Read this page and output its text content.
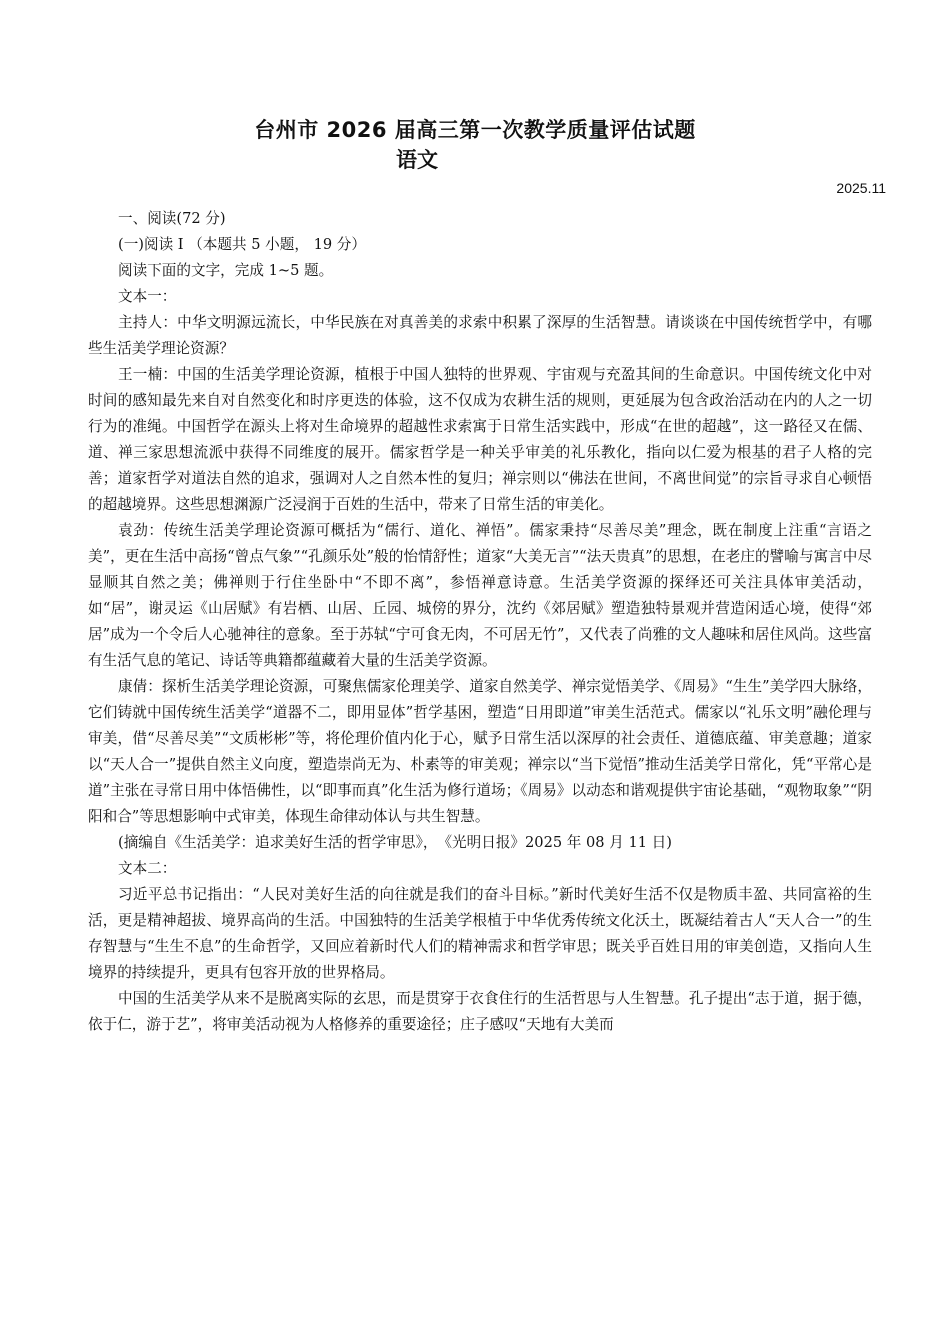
台州市 2026 届高三第一次教学质量评估试题
语文
2025.11

一、阅读(72 分)

(一)阅读 I （本题共 5 小题， 19 分）

阅读下面的文字，完成 1~5 题。

文本一：

主持人：中华文明源远流长，中华民族在对真善美的求索中积累了深厚的生活智慧。请谈谈在中国传统哲学中，有哪些生活美学理论资源？

王一楠：中国的生活美学理论资源，植根于中国人独特的世界观、宇宙观与充盈其间的生命意识。中国传统文化中对时间的感知最先来自对自然变化和时序更迭的体验，这不仅成为农耕生活的规则，更延展为包含政治活动在内的人之一切行为的准绳。中国哲学在源头上将对生命境界的超越性求索寓于日常生活实践中，形成“在世的超越”，这一路径又在儒、道、禅三家思想流派中获得不同维度的展开。儒家哲学是一种关乎审美的礼乐教化，指向以仁爱为根基的君子人格的完善；道家哲学对道法自然的追求，强调对人之自然本性的复归；禅宗则以“佛法在世间，不离世间觉”的宗旨寻求自心顿悟的超越境界。这些思想渊源广泛浸润于百姓的生活中，带来了日常生活的审美化。

袁劲：传统生活美学理论资源可概括为“儒行、道化、禅悟”。儒家秉持“尽善尽美”理念，既在制度上注重“言语之美”，更在生活中高扬“曾点气象”“孔颜乐处”般的怡情舒性；道家“大美无言”“法天贵真”的思想，在老庄的譬喻与寓言中尽显顺其自然之美；佛禅则于行住坐卧中“不即不离”，参悟禅意诗意。生活美学资源的探绎还可关注具体审美活动，如“居”，谢灵运《山居赋》有岩栖、山居、丘园、城傍的界分，沈约《郊居赋》塑造独特景观并营造闲适心境，使得“郊居”成为一个令后人心驰神往的意象。至于苏轼“宁可食无肉，不可居无竹”，又代表了尚雅的文人趣味和居住风尚。这些富有生活气息的笔记、诗话等典籍都蕴藏着大量的生活美学资源。

康倩：探析生活美学理论资源，可聚焦儒家伦理美学、道家自然美学、禅宗觉悟美学、《周易》“生生”美学四大脉络，它们铸就中国传统生活美学“道器不二，即用显体”哲学基困，塑造“日用即道”审美生活范式。儒家以“礼乐文明”融伦理与审美，借“尽善尽美”“文质彬彬”等，将伦理价值内化于心，赋予日常生活以深厚的社会责任、道德底蕴、审美意趣；道家以“天人合一”提供自然主义向度，塑造崇尚无为、朴素等的审美观；禅宗以“当下觉悟”推动生活美学日常化，凭“平常心是道”主张在寻常日用中体悟佛性，以“即事而真”化生活为修行道场；《周易》以动态和谐观提供宇宙论基础，“观物取象”“阴阳和合”等思想影响中式审美，体现生命律动体认与共生智慧。

(摘编自《生活美学：追求美好生活的哲学审思》，　《光明日报》2025 年 08 月 11 日)

文本二：

习近平总书记指出：“人民对美好生活的向往就是我们的奋斗目标。”新时代美好生活不仅是物质丰盈、共同富裕的生活，更是精神超拔、境界高尚的生活。中国独特的生活美学根植于中华优秀传统文化沃土，既凝结着古人“天人合一”的生存智慧与“生生不息”的生命哲学，又回应着新时代人们的精神需求和哲学审思；既关乎百姓日用的审美创造，又指向人生境界的持续提升，更具有包容开放的世界格局。

中国的生活美学从来不是脱离实际的玄思，而是贯穿于衣食住行的生活哲思与人生智慧。孔子提出“志于道，据于德，依于仁，游于艺”，将审美活动视为人格修养的重要途径；庄子感叹“天地有大美而
